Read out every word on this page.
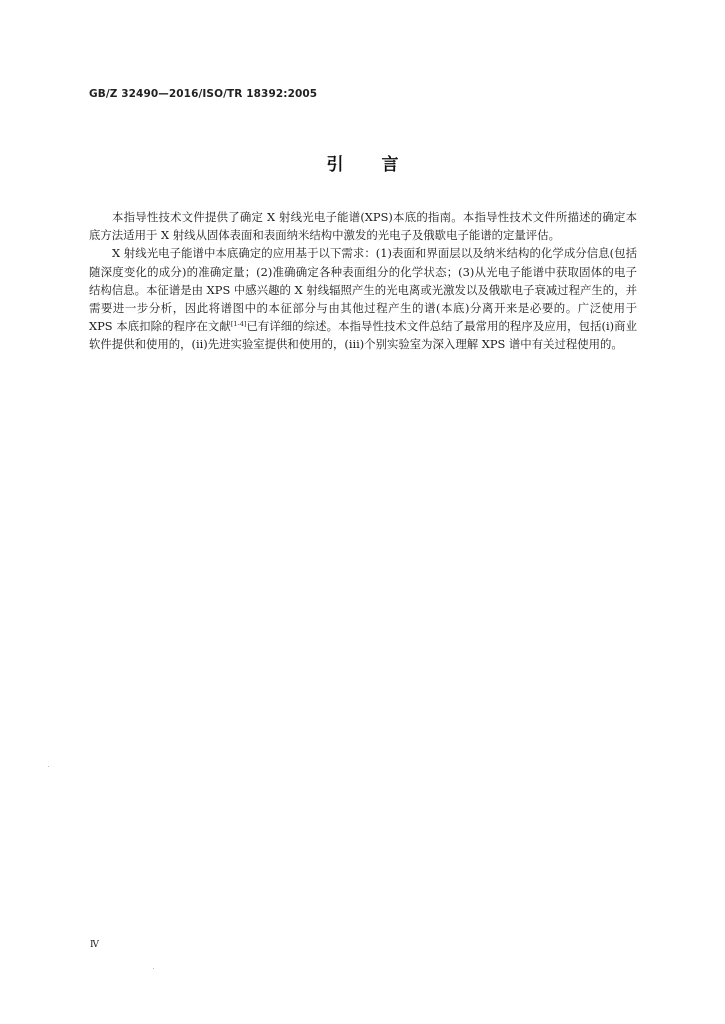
GB/Z 32490—2016/ISO/TR 18392:2005
引言

本指导性技术文件提供了确定 X 射线光电子能谱(XPS)本底的指南。本指导性技术文件所描述的确定本底方法适用于 X 射线从固体表面和表面纳米结构中激发的光电子及俄歇电子能谱的定量评估。

X 射线光电子能谱中本底确定的应用基于以下需求：(1)表面和界面层以及纳米结构的化学成分信息(包括随深度变化的成分)的准确定量；(2)准确确定各种表面组分的化学状态；(3)从光电子能谱中获取固体的电子结构信息。本征谱是由 XPS 中感兴趣的 X 射线辐照产生的光电离或光激发以及俄歇电子衰减过程产生的，并需要进一步分析，因此将谱图中的本征部分与由其他过程产生的谱(本底)分离开来是必要的。广泛使用于 XPS 本底扣除的程序在文献[1-4]已有详细的综述。本指导性技术文件总结了最常用的程序及应用，包括(i)商业软件提供和使用的，(ii)先进实验室提供和使用的，(iii)个别实验室为深入理解 XPS 谱中有关过程使用的。

Ⅳ
